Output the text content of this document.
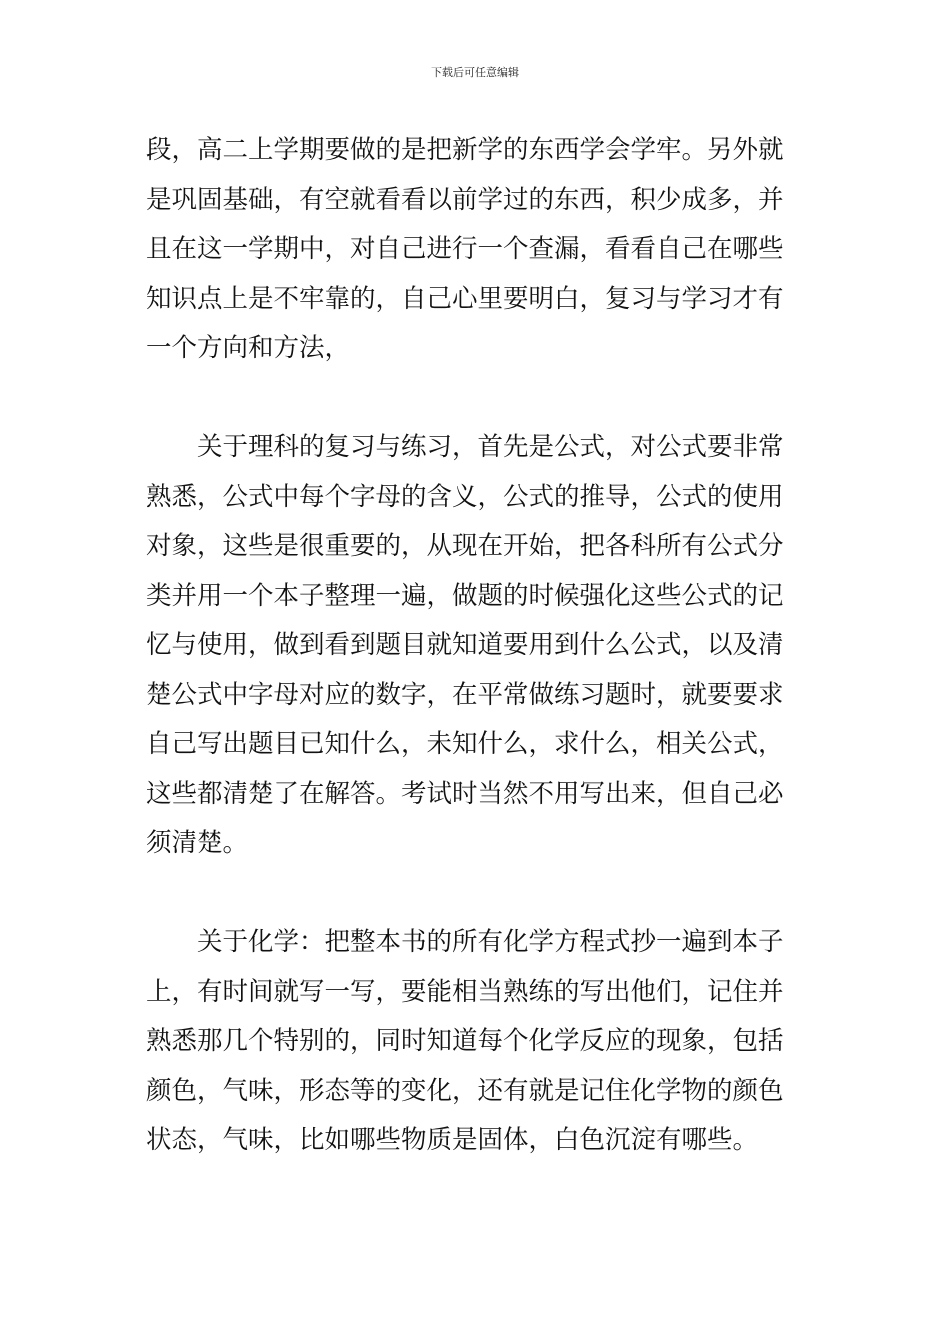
下载后可任意编辑
段，高二上学期要做的是把新学的东西学会学牢。另外就
是巩固基础，有空就看看以前学过的东西，积少成多，并
且在这一学期中，对自己进行一个查漏，看看自己在哪些
知识点上是不牢靠的，自己心里要明白，复习与学习才有
一个方向和方法，
　　关于理科的复习与练习，首先是公式，对公式要非常
熟悉，公式中每个字母的含义，公式的推导，公式的使用
对象，这些是很重要的，从现在开始，把各科所有公式分
类并用一个本子整理一遍，做题的时候强化这些公式的记
忆与使用，做到看到题目就知道要用到什么公式，以及清
楚公式中字母对应的数字，在平常做练习题时，就要要求
自己写出题目已知什么，未知什么，求什么，相关公式，
这些都清楚了在解答。考试时当然不用写出来，但自己必
须清楚。
　　关于化学：把整本书的所有化学方程式抄一遍到本子
上，有时间就写一写，要能相当熟练的写出他们，记住并
熟悉那几个特别的，同时知道每个化学反应的现象，包括
颜色，气味，形态等的变化，还有就是记住化学物的颜色
状态，气味，比如哪些物质是固体，白色沉淀有哪些。
